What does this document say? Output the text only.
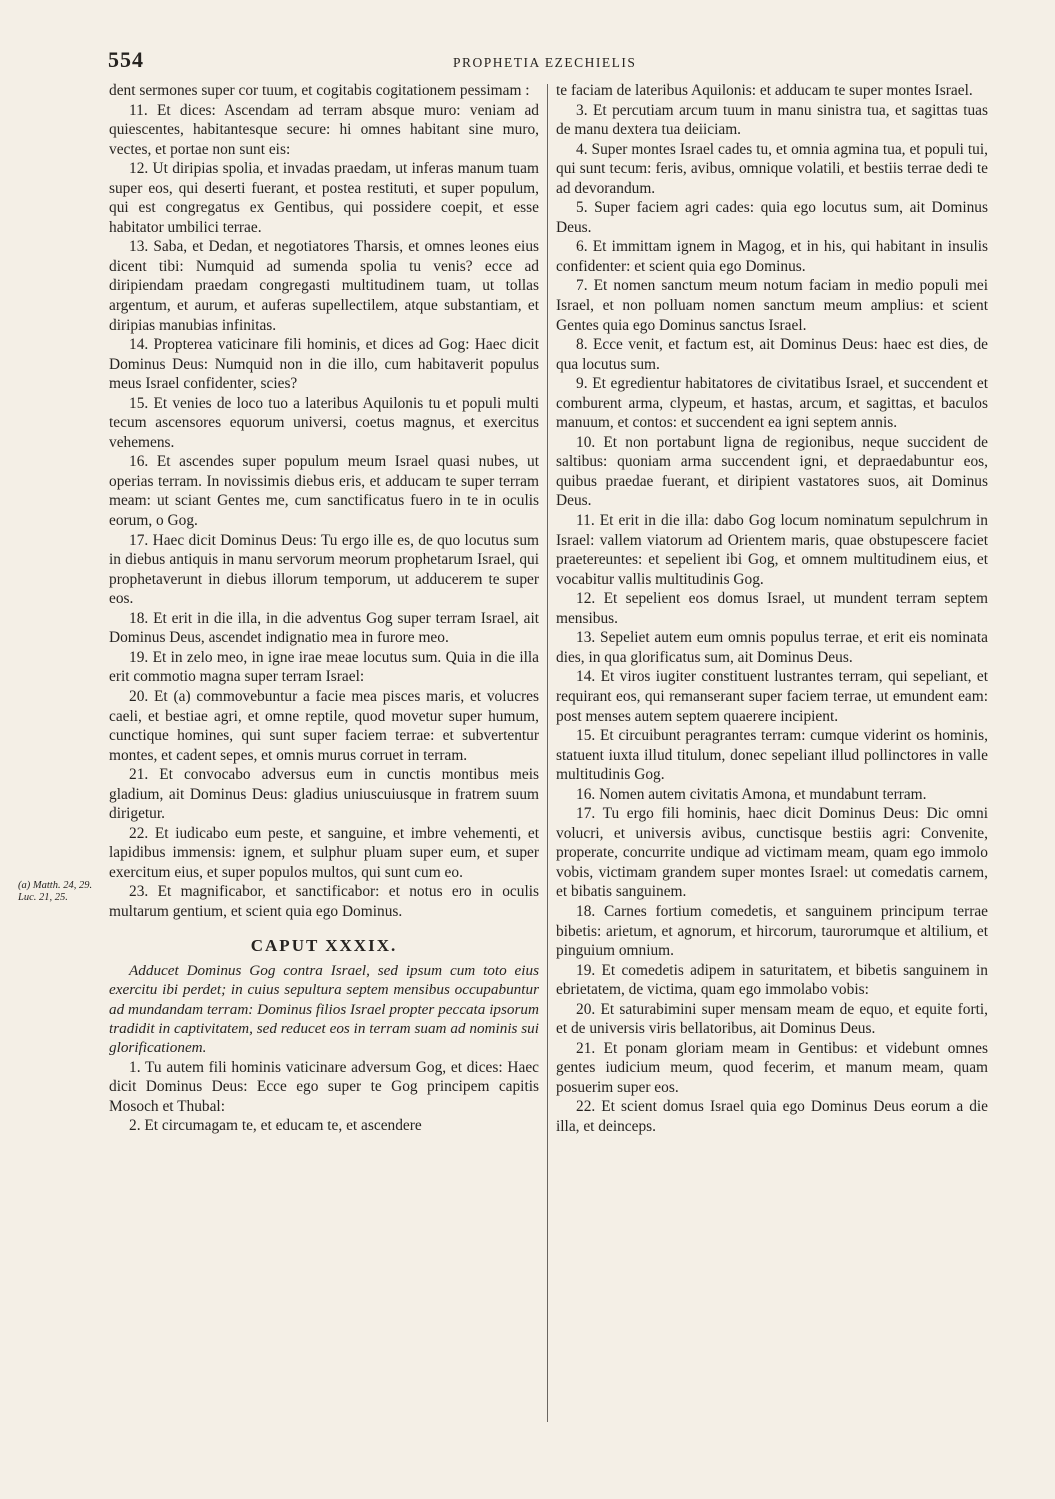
554	PROPHETIA EZECHIELIS
(a) Matth. 24, 29. Luc. 21, 25.

dent sermones super cor tuum, et cogitabis cogitationem pessimam :

11. Et dices: Ascendam ad terram absque muro: veniam ad quiescentes, habitantesque secure: hi omnes habitant sine muro, vectes, et portae non sunt eis:

12. Ut diripias spolia, et invadas praedam, ut inferas manum tuam super eos, qui deserti fuerant, et postea restituti, et super populum, qui est congregatus ex Gentibus, qui possidere coepit, et esse habitator umbilici terrae.

13. Saba, et Dedan, et negotiatores Tharsis, et omnes leones eius dicent tibi: Numquid ad sumenda spolia tu venis? ecce ad diripiendam praedam congregasti multitudinem tuam, ut tollas argentum, et aurum, et auferas supellectilem, atque substantiam, et diripias manubias infinitas.

14. Propterea vaticinare fili hominis, et dices ad Gog: Haec dicit Dominus Deus: Numquid non in die illo, cum habitaverit populus meus Israel confidenter, scies?

15. Et venies de loco tuo a lateribus Aquilonis tu et populi multi tecum ascensores equorum universi, coetus magnus, et exercitus vehemens.

16. Et ascendes super populum meum Israel quasi nubes, ut operias terram. In novissimis diebus eris, et adducam te super terram meam: ut sciant Gentes me, cum sanctificatus fuero in te in oculis eorum, o Gog.

17. Haec dicit Dominus Deus: Tu ergo ille es, de quo locutus sum in diebus antiquis in manu servorum meorum prophetarum Israel, qui prophetaverunt in diebus illorum temporum, ut adducerem te super eos.

18. Et erit in die illa, in die adventus Gog super terram Israel, ait Dominus Deus, ascendet indignatio mea in furore meo.

19. Et in zelo meo, in igne irae meae locutus sum. Quia in die illa erit commotio magna super terram Israel:

20. Et (a) commovebuntur a facie mea pisces maris, et volucres caeli, et bestiae agri, et omne reptile, quod movetur super humum, cunctique homines, qui sunt super faciem terrae: et subvertentur montes, et cadent sepes, et omnis murus corruet in terram.

21. Et convocabo adversus eum in cunctis montibus meis gladium, ait Dominus Deus: gladius uniuscuiusque in fratrem suum dirigetur.

22. Et iudicabo eum peste, et sanguine, et imbre vehementi, et lapidibus immensis: ignem, et sulphur pluam super eum, et super exercitum eius, et super populos multos, qui sunt cum eo.

23. Et magnificabor, et sanctificabor: et notus ero in oculis multarum gentium, et scient quia ego Dominus.

CAPUT XXXIX.

Adducet Dominus Gog contra Israel, sed ipsum cum toto eius exercitu ibi perdet; in cuius sepultura septem mensibus occupabuntur ad mundandam terram: Dominus filios Israel propter peccata ipsorum tradidit in captivitatem, sed reducet eos in terram suam ad nominis sui glorificationem.

1. Tu autem fili hominis vaticinare adversum Gog, et dices: Haec dicit Dominus Deus: Ecce ego super te Gog principem capitis Mosoch et Thubal:

2. Et circumagam te, et educam te, et ascendere

te faciam de lateribus Aquilonis: et adducam te super montes Israel.

3. Et percutiam arcum tuum in manu sinistra tua, et sagittas tuas de manu dextera tua deiiciam.

4. Super montes Israel cades tu, et omnia agmina tua, et populi tui, qui sunt tecum: feris, avibus, omnique volatili, et bestiis terrae dedi te ad devorandum.

5. Super faciem agri cades: quia ego locutus sum, ait Dominus Deus.

6. Et immittam ignem in Magog, et in his, qui habitant in insulis confidenter: et scient quia ego Dominus.

7. Et nomen sanctum meum notum faciam in medio populi mei Israel, et non polluam nomen sanctum meum amplius: et scient Gentes quia ego Dominus sanctus Israel.

8. Ecce venit, et factum est, ait Dominus Deus: haec est dies, de qua locutus sum.

9. Et egredientur habitatores de civitatibus Israel, et succendent et comburent arma, clypeum, et hastas, arcum, et sagittas, et baculos manuum, et contos: et succendent ea igni septem annis.

10. Et non portabunt ligna de regionibus, neque succident de saltibus: quoniam arma succendent igni, et depraedabuntur eos, quibus praedae fuerant, et diripient vastatores suos, ait Dominus Deus.

11. Et erit in die illa: dabo Gog locum nominatum sepulchrum in Israel: vallem viatorum ad Orientem maris, quae obstupescere faciet praetereuntes: et sepelient ibi Gog, et omnem multitudinem eius, et vocabitur vallis multitudinis Gog.

12. Et sepelient eos domus Israel, ut mundent terram septem mensibus.

13. Sepeliet autem eum omnis populus terrae, et erit eis nominata dies, in qua glorificatus sum, ait Dominus Deus.

14. Et viros iugiter constituent lustrantes terram, qui sepeliant, et requirant eos, qui remanserant super faciem terrae, ut emundent eam: post menses autem septem quaerere incipient.

15. Et circuibunt peragrantes terram: cumque viderint os hominis, statuent iuxta illud titulum, donec sepeliant illud pollinctores in valle multitudinis Gog.

16. Nomen autem civitatis Amona, et mundabunt terram.

17. Tu ergo fili hominis, haec dicit Dominus Deus: Dic omni volucri, et universis avibus, cunctisque bestiis agri: Convenite, properate, concurrite undique ad victimam meam, quam ego immolo vobis, victimam grandem super montes Israel: ut comedatis carnem, et bibatis sanguinem.

18. Carnes fortium comedetis, et sanguinem principum terrae bibetis: arietum, et agnorum, et hircorum, taurorumque et altilium, et pinguium omnium.

19. Et comedetis adipem in saturitatem, et bibetis sanguinem in ebrietatem, de victima, quam ego immolabo vobis:

20. Et saturabimini super mensam meam de equo, et equite forti, et de universis viris bellatoribus, ait Dominus Deus.

21. Et ponam gloriam meam in Gentibus: et videbunt omnes gentes iudicium meum, quod fecerim, et manum meam, quam posuerim super eos.

22. Et scient domus Israel quia ego Dominus Deus eorum a die illa, et deinceps.
